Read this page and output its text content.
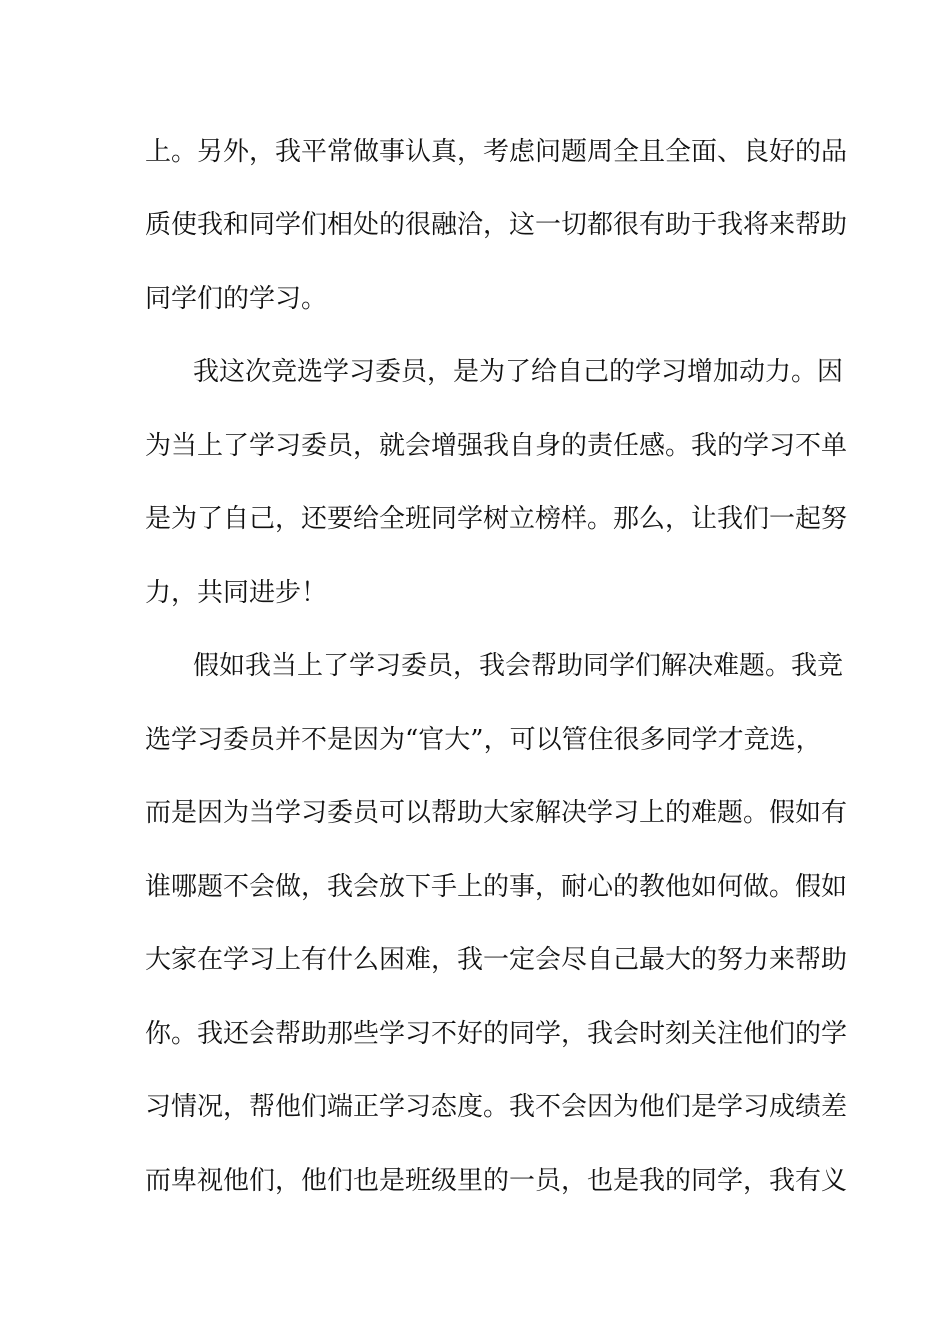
上。另外，我平常做事认真，考虑问题周全且全面、良好的品
质使我和同学们相处的很融洽，这一切都很有助于我将来帮助
同学们的学习。
我这次竞选学习委员，是为了给自己的学习增加动力。因
为当上了学习委员，就会增强我自身的责任感。我的学习不单
是为了自己，还要给全班同学树立榜样。那么，让我们一起努
力，共同进步！
假如我当上了学习委员，我会帮助同学们解决难题。我竞
选学习委员并不是因为“官大”，可以管住很多同学才竞选，
而是因为当学习委员可以帮助大家解决学习上的难题。假如有
谁哪题不会做，我会放下手上的事，耐心的教他如何做。假如
大家在学习上有什么困难，我一定会尽自己最大的努力来帮助
你。我还会帮助那些学习不好的同学，我会时刻关注他们的学
习情况，帮他们端正学习态度。我不会因为他们是学习成绩差
而卑视他们，他们也是班级里的一员，也是我的同学，我有义
